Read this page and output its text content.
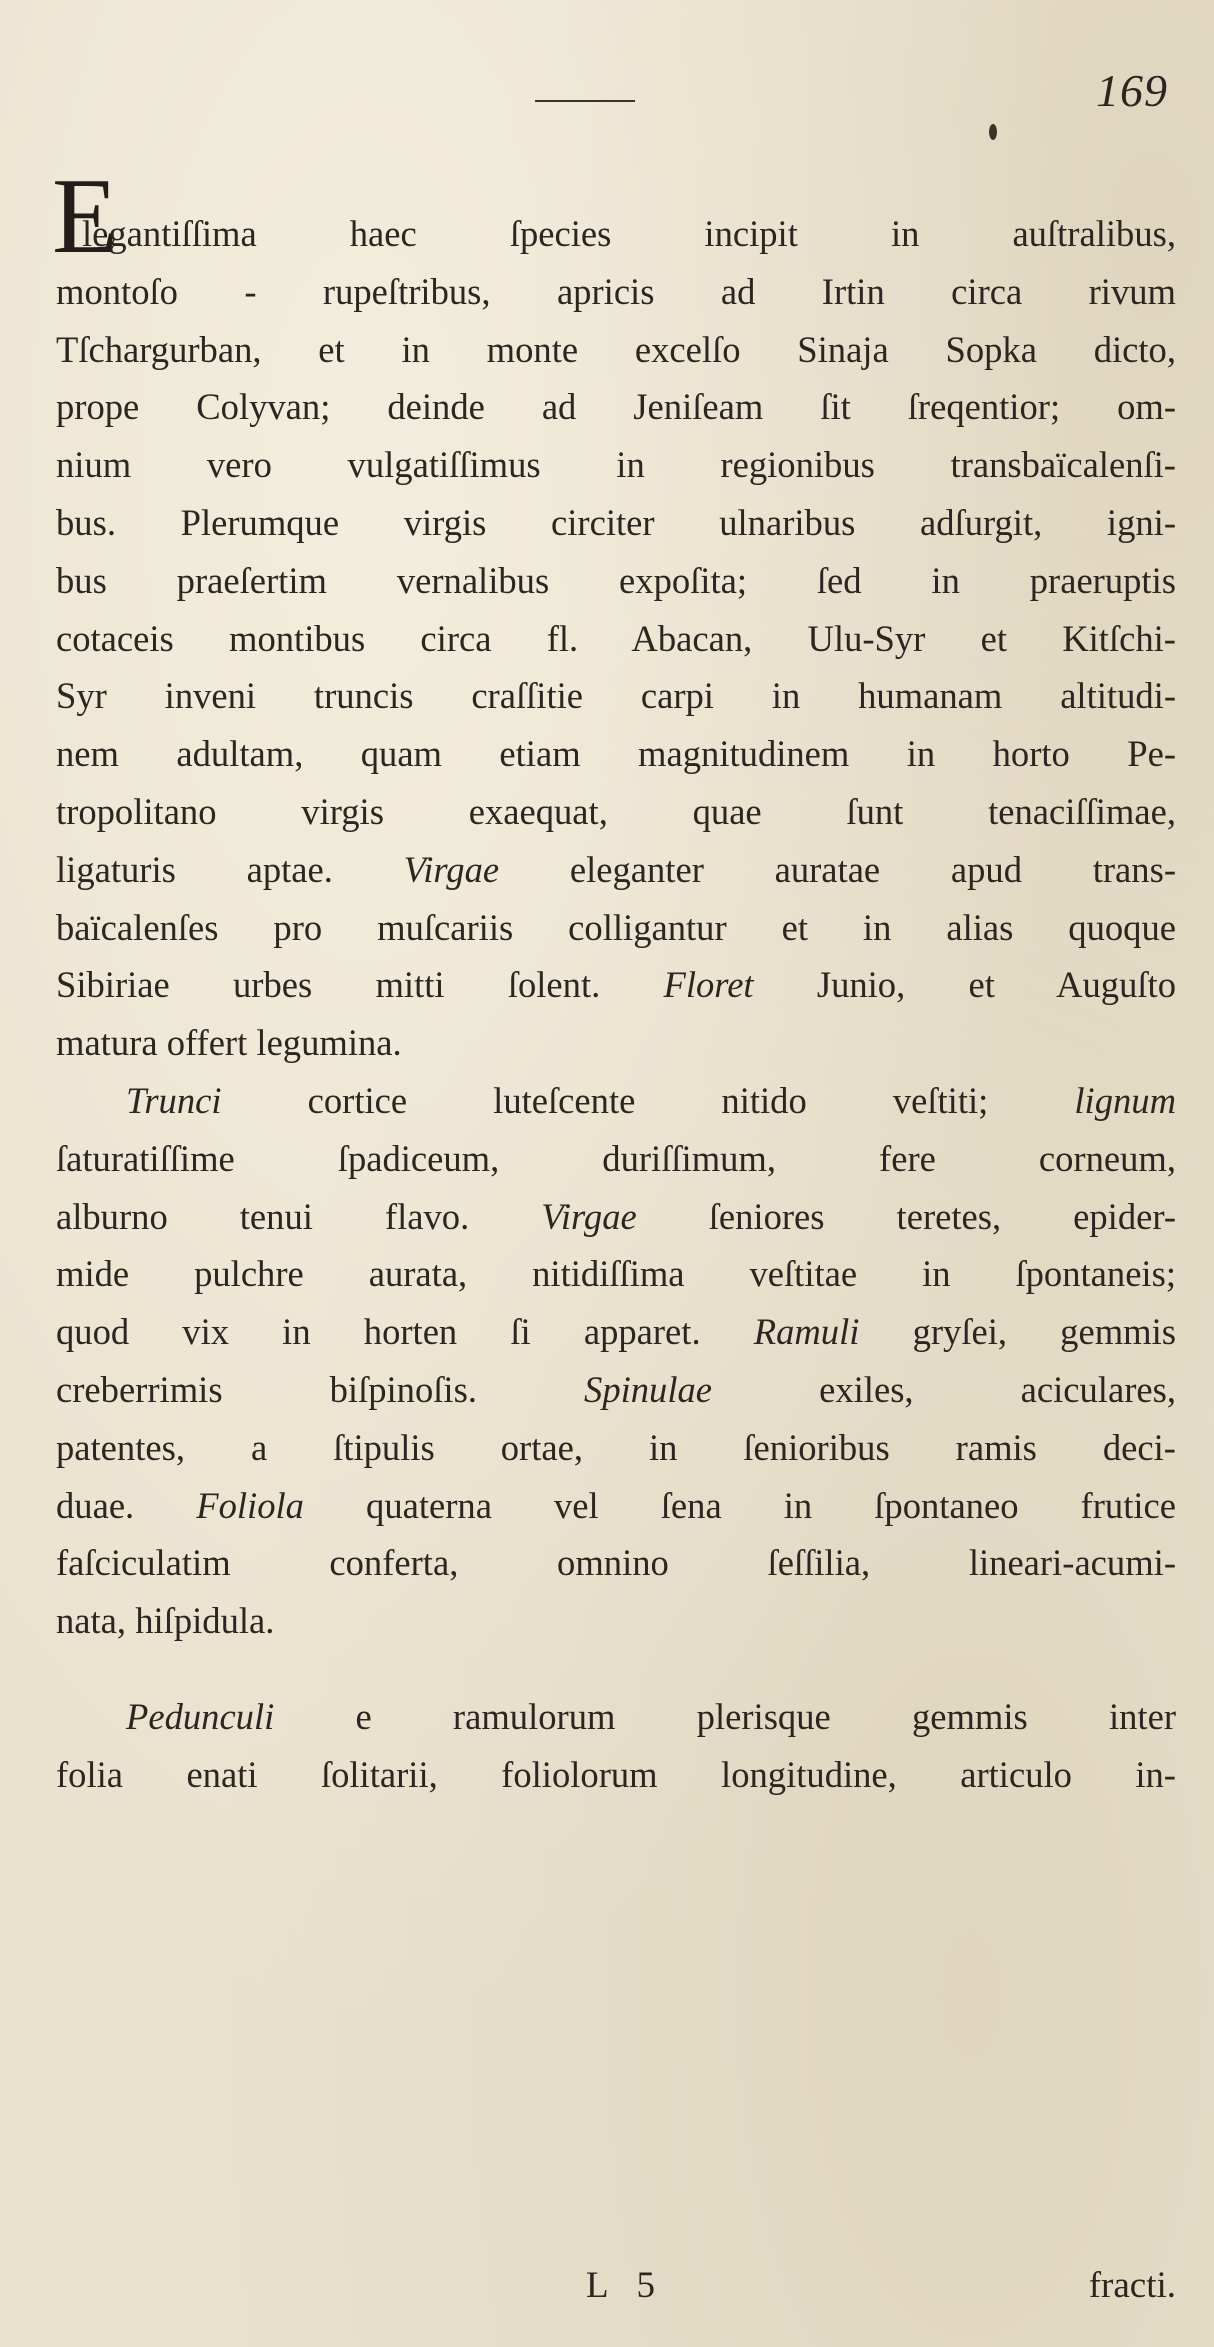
169
E
legantiſſima haec ſpecies incipit in auſtralibus,
montoſo - rupeſtribus, apricis ad Irtin circa rivum
Tſchargurban, et in monte excelſo Sinaja Sopka dicto,
prope Colyvan; deinde ad Jeniſeam ſit ſreqentior; om-
nium vero vulgatiſſimus in regionibus transbaïcalenſi-
bus. Plerumque virgis circiter ulnaribus adſurgit, igni-
bus praeſertim vernalibus expoſita; ſed in praeruptis
cotaceis montibus circa fl. Abacan, Ulu-Syr et Kitſchi-
Syr inveni truncis craſſitie carpi in humanam altitudi-
nem adultam, quam etiam magnitudinem in horto Pe-
tropolitano virgis exaequat, quae ſunt tenaciſſimae,
ligaturis aptae. Virgae eleganter auratae apud trans-
baïcalenſes pro muſcariis colligantur et in alias quoque
Sibiriae urbes mitti ſolent. Floret Junio, et Auguſto
matura offert legumina.
Trunci cortice luteſcente nitido veſtiti; lignum
ſaturatiſſime ſpadiceum, duriſſimum, fere corneum,
alburno tenui flavo. Virgae ſeniores teretes, epider-
mide pulchre aurata, nitidiſſima veſtitae in ſpontaneis;
quod vix in horten ſi apparet. Ramuli gryſei, gemmis
creberrimis biſpinoſis. Spinulae exiles, aciculares,
patentes, a ſtipulis ortae, in ſenioribus ramis deci-
duae. Foliola quaterna vel ſena in ſpontaneo frutice
faſciculatim conferta, omnino ſeſſilia, lineari-acumi-
nata, hiſpidula.
Pedunculi e ramulorum plerisque gemmis inter
folia enati ſolitarii, foliolorum longitudine, articulo in-
L 5	fracti.
